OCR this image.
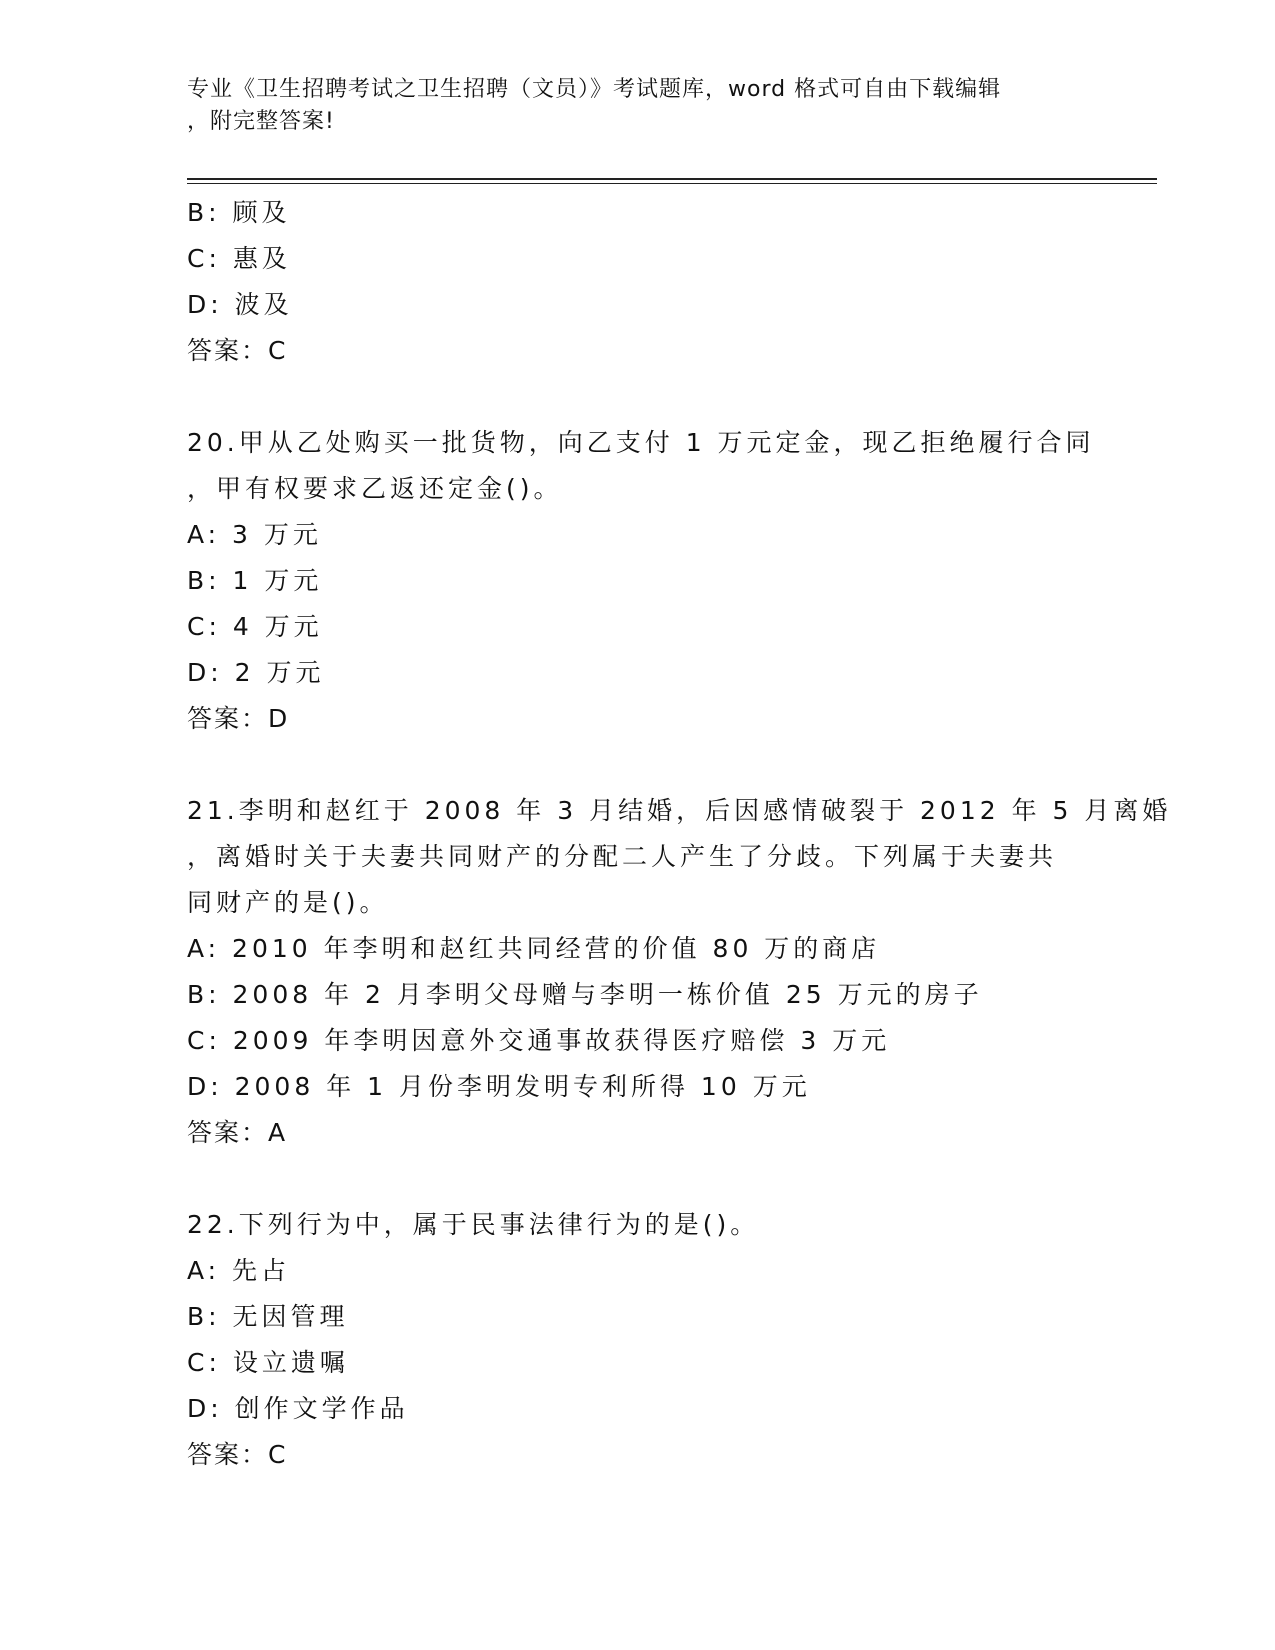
专业《卫生招聘考试之卫生招聘（文员）》考试题库，word 格式可自由下载编辑
，附完整答案!
B: 顾及
C: 惠及
D: 波及
答案：C
20.甲从乙处购买一批货物，向乙支付 1 万元定金，现乙拒绝履行合同
，甲有权要求乙返还定金()。
A: 3 万元
B: 1 万元
C: 4 万元
D: 2 万元
答案：D
21.李明和赵红于 2008 年 3 月结婚，后因感情破裂于 2012 年 5 月离婚
，离婚时关于夫妻共同财产的分配二人产生了分歧。下列属于夫妻共
同财产的是()。
A: 2010 年李明和赵红共同经营的价值 80 万的商店
B: 2008 年 2 月李明父母赠与李明一栋价值 25 万元的房子
C: 2009 年李明因意外交通事故获得医疗赔偿 3 万元
D: 2008 年 1 月份李明发明专利所得 10 万元
答案：A
22.下列行为中，属于民事法律行为的是()。
A: 先占
B: 无因管理
C: 设立遗嘱
D: 创作文学作品
答案：C
